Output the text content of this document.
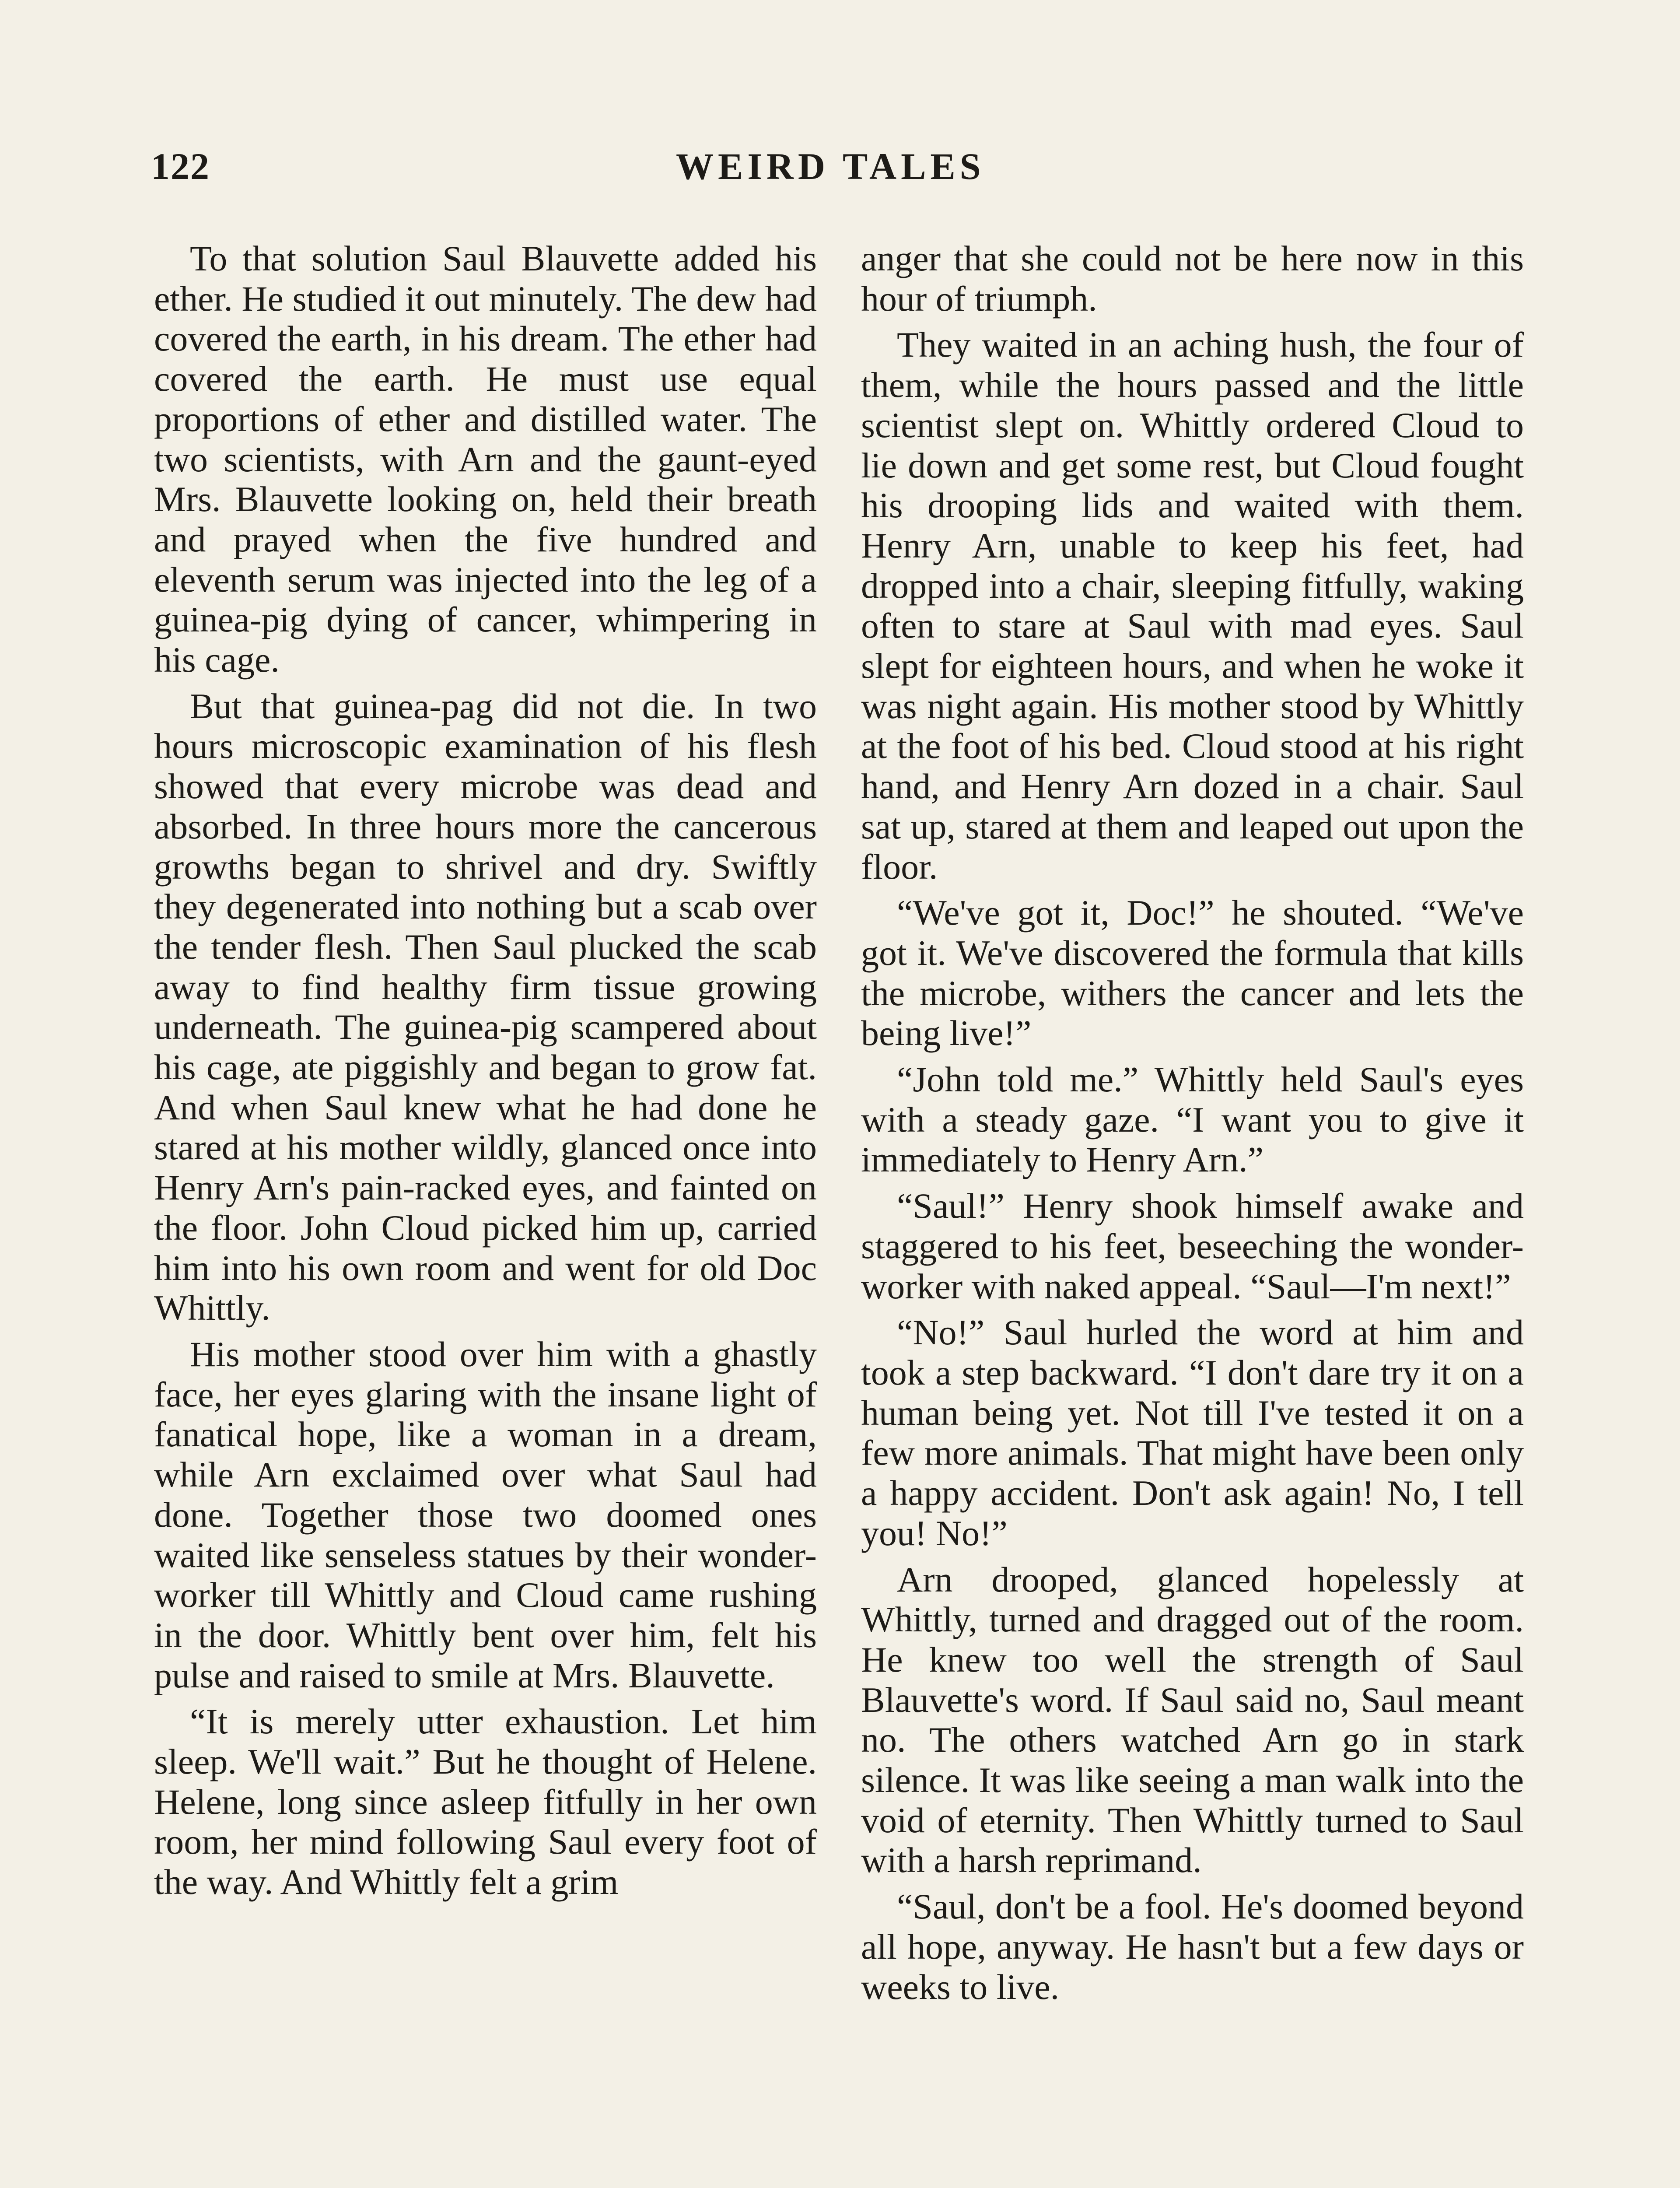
122	WEIRD TALES

To that solution Saul Blauvette added his ether. He studied it out minutely. The dew had covered the earth, in his dream. The ether had covered the earth. He must use equal proportions of ether and distilled water. The two scientists, with Arn and the gaunt-eyed Mrs. Blauvette looking on, held their breath and prayed when the five hundred and eleventh serum was injected into the leg of a guinea-pig dying of cancer, whimpering in his cage.

But that guinea-pag did not die. In two hours microscopic examination of his flesh showed that every microbe was dead and absorbed. In three hours more the cancerous growths began to shrivel and dry. Swiftly they degenerated into nothing but a scab over the tender flesh. Then Saul plucked the scab away to find healthy firm tissue growing underneath. The guinea-pig scampered about his cage, ate piggishly and began to grow fat. And when Saul knew what he had done he stared at his mother wildly, glanced once into Henry Arn's pain-racked eyes, and fainted on the floor. John Cloud picked him up, carried him into his own room and went for old Doc Whittly.

His mother stood over him with a ghastly face, her eyes glaring with the insane light of fanatical hope, like a woman in a dream, while Arn exclaimed over what Saul had done. Together those two doomed ones waited like senseless statues by their wonder-worker till Whittly and Cloud came rushing in the door. Whittly bent over him, felt his pulse and raised to smile at Mrs. Blauvette.

“It is merely utter exhaustion. Let him sleep. We'll wait.” But he thought of Helene. Helene, long since asleep fitfully in her own room, her mind following Saul every foot of the way. And Whittly felt a grim

anger that she could not be here now in this hour of triumph.

They waited in an aching hush, the four of them, while the hours passed and the little scientist slept on. Whittly ordered Cloud to lie down and get some rest, but Cloud fought his drooping lids and waited with them. Henry Arn, unable to keep his feet, had dropped into a chair, sleeping fitfully, waking often to stare at Saul with mad eyes. Saul slept for eighteen hours, and when he woke it was night again. His mother stood by Whittly at the foot of his bed. Cloud stood at his right hand, and Henry Arn dozed in a chair. Saul sat up, stared at them and leaped out upon the floor.

“We've got it, Doc!” he shouted. “We've got it. We've discovered the formula that kills the microbe, withers the cancer and lets the being live!”

“John told me.” Whittly held Saul's eyes with a steady gaze. “I want you to give it immediately to Henry Arn.”

“Saul!” Henry shook himself awake and staggered to his feet, beseeching the wonder-worker with naked appeal. “Saul—I'm next!”

“No!” Saul hurled the word at him and took a step backward. “I don't dare try it on a human being yet. Not till I've tested it on a few more animals. That might have been only a happy accident. Don't ask again! No, I tell you! No!”

Arn drooped, glanced hopelessly at Whittly, turned and dragged out of the room. He knew too well the strength of Saul Blauvette's word. If Saul said no, Saul meant no. The others watched Arn go in stark silence. It was like seeing a man walk into the void of eternity. Then Whittly turned to Saul with a harsh reprimand.

“Saul, don't be a fool. He's doomed beyond all hope, anyway. He hasn't but a few days or weeks to live.
